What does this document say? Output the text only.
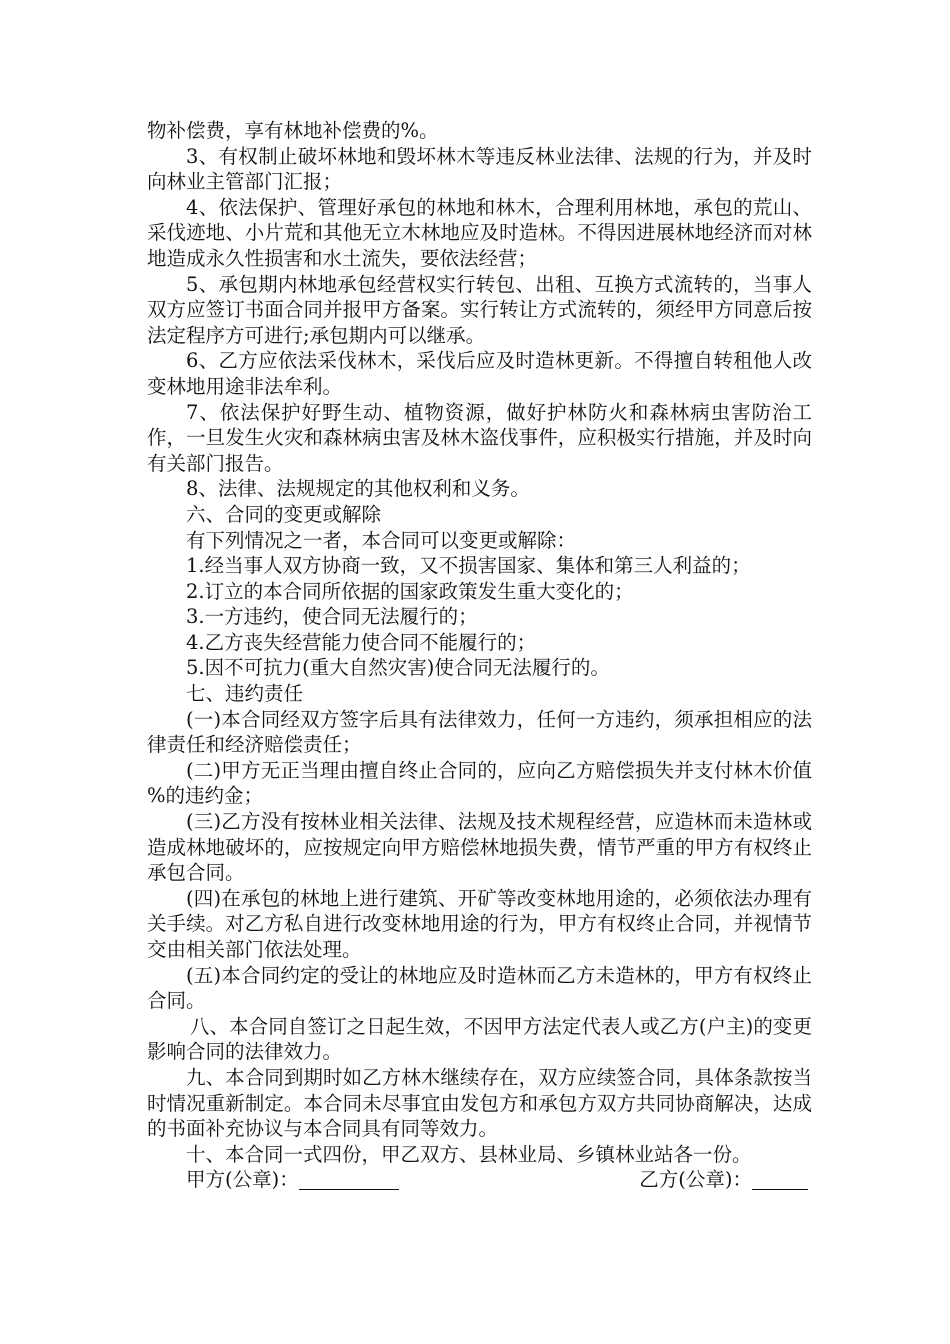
物补偿费，享有林地补偿费的%。

3、有权制止破坏林地和毁坏林木等违反林业法律、法规的行为，并及时向林业主管部门汇报；

4、依法保护、管理好承包的林地和林木，合理利用林地，承包的荒山、采伐迹地、小片荒和其他无立木林地应及时造林。不得因进展林地经济而对林地造成永久性损害和水土流失，要依法经营；

5、承包期内林地承包经营权实行转包、出租、互换方式流转的，当事人双方应签订书面合同并报甲方备案。实行转让方式流转的，须经甲方同意后按法定程序方可进行;承包期内可以继承。

6、乙方应依法采伐林木，采伐后应及时造林更新。不得擅自转租他人改变林地用途非法牟利。

7、依法保护好野生动、植物资源，做好护林防火和森林病虫害防治工作，一旦发生火灾和森林病虫害及林木盗伐事件，应积极实行措施，并及时向有关部门报告。

8、法律、法规规定的其他权利和义务。

六、合同的变更或解除

有下列情况之一者，本合同可以变更或解除：

1.经当事人双方协商一致，又不损害国家、集体和第三人利益的；

2.订立的本合同所依据的国家政策发生重大变化的；

3.一方违约，使合同无法履行的；

4.乙方丧失经营能力使合同不能履行的；

5.因不可抗力(重大自然灾害)使合同无法履行的。

七、违约责任

(一)本合同经双方签字后具有法律效力，任何一方违约，须承担相应的法律责任和经济赔偿责任；

(二)甲方无正当理由擅自终止合同的，应向乙方赔偿损失并支付林木价值 %的违约金；

(三)乙方没有按林业相关法律、法规及技术规程经营，应造林而未造林或造成林地破坏的，应按规定向甲方赔偿林地损失费，情节严重的甲方有权终止承包合同。

(四)在承包的林地上进行建筑、开矿等改变林地用途的，必须依法办理有关手续。对乙方私自进行改变林地用途的行为，甲方有权终止合同，并视情节交由相关部门依法处理。

(五)本合同约定的受让的林地应及时造林而乙方未造林的，甲方有权终止合同。

八、本合同自签订之日起生效，不因甲方法定代表人或乙方(户主)的变更影响合同的法律效力。

九、本合同到期时如乙方林木继续存在，双方应续签合同，具体条款按当时情况重新制定。本合同未尽事宜由发包方和承包方双方共同协商解决，达成的书面补充协议与本合同具有同等效力。

十、本合同一式四份，甲乙双方、县林业局、乡镇林业站各一份。

甲方(公章)：	乙方(公章)：
